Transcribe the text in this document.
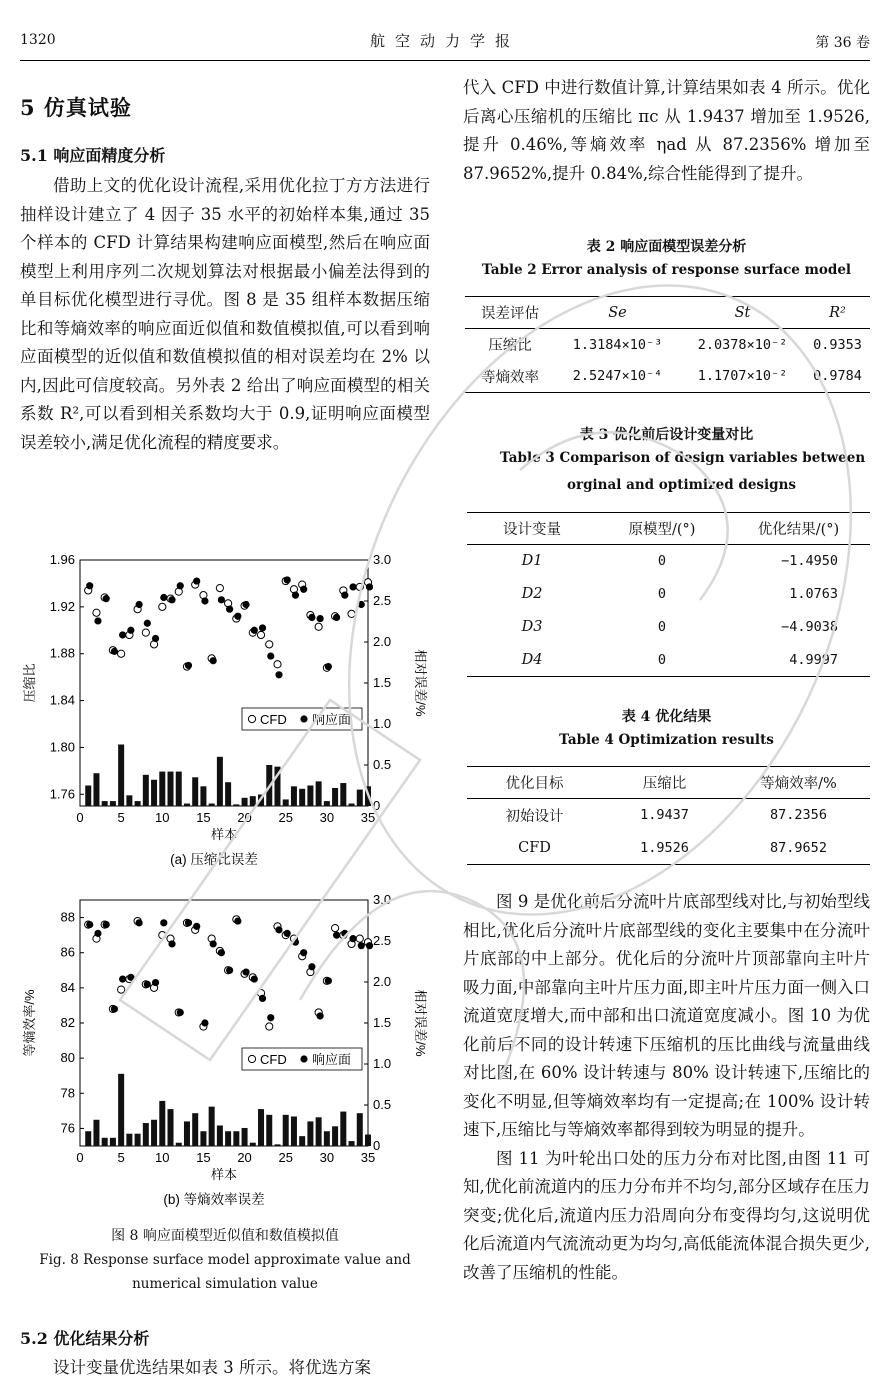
1320	航空动力学报	第 36 卷
5 仿真试验
5.1 响应面精度分析

借助上文的优化设计流程,采用优化拉丁方方法进行抽样设计建立了 4 因子 35 水平的初始样本集,通过 35 个样本的 CFD 计算结果构建响应面模型,然后在响应面模型上利用序列二次规划算法对根据最小偏差法得到的单目标优化模型进行寻优。图 8 是 35 组样本数据压缩比和等熵效率的响应面近似值和数值模拟值,可以看到响应面模型的近似值和数值模拟值的相对误差均在 2% 以内,因此可信度较高。另外表 2 给出了响应面模型的相关系数 R²,可以看到相关系数均大于 0.9,证明响应面模型误差较小,满足优化流程的精度要求。

0	5 10 15 20 25 30 35
1.76
1.80
1.84
1.88
1.92
1.96
0
0.5
1.0
1.5
2.0
2.5
3.0
CFD 响应面
样本
压缩比	相对误差/%
(a) 压缩比误差
0	5 10 15 20 25 30 35
76
78
80
82
84
86
88
0
0.5
1.0
1.5
2.0
2.5
3.0
CFD 响应面
样本
等熵效率/%	相对误差/%
(b) 等熵效率误差
图 8 响应面模型近似值和数值模拟值
Fig. 8 Response surface model approximate value and
numerical simulation value
5.2 优化结果分析

设计变量优选结果如表 3 所示。将优选方案

代入 CFD 中进行数值计算,计算结果如表 4 所示。优化后离心压缩机的压缩比 πc 从 1.9437 增加至 1.9526,提升 0.46%,等熵效率 ηad 从 87.2356% 增加至 87.9652%,提升 0.84%,综合性能得到了提升。

表 2 响应面模型误差分析
Table 2 Error analysis of response surface model
误差评估	Se	St	R²
压缩比	1.3184×10⁻³	2.0378×10⁻²	0.9353
等熵效率	2.5247×10⁻⁴	1.1707×10⁻²	0.9784
表 3 优化前后设计变量对比
Table 3 Comparison of design variables between
orginal and optimized designs
设计变量	原模型/(°)	优化结果/(°)
D1	0	−1.4950
D2	0	1.0763
D3	0	−4.9038
D4	0	4.9997
表 4 优化结果
Table 4 Optimization results
优化目标	压缩比	等熵效率/%
初始设计	1.9437	87.2356
CFD	1.9526	87.9652

图 9 是优化前后分流叶片底部型线对比,与初始型线相比,优化后分流叶片底部型线的变化主要集中在分流叶片底部的中上部分。优化后的分流叶片顶部靠向主叶片吸力面,中部靠向主叶片压力面,即主叶片压力面一侧入口流道宽度增大,而中部和出口流道宽度减小。图 10 为优化前后不同的设计转速下压缩机的压比曲线与流量曲线对比图,在 60% 设计转速与 80% 设计转速下,压缩比的变化不明显,但等熵效率均有一定提高;在 100% 设计转速下,压缩比与等熵效率都得到较为明显的提升。

图 11 为叶轮出口处的压力分布对比图,由图 11 可知,优化前流道内的压力分布并不均匀,部分区域存在压力突变;优化后,流道内压力沿周向分布变得均匀,这说明优化后流道内气流流动更为均匀,高低能流体混合损失更少,改善了压缩机的性能。
